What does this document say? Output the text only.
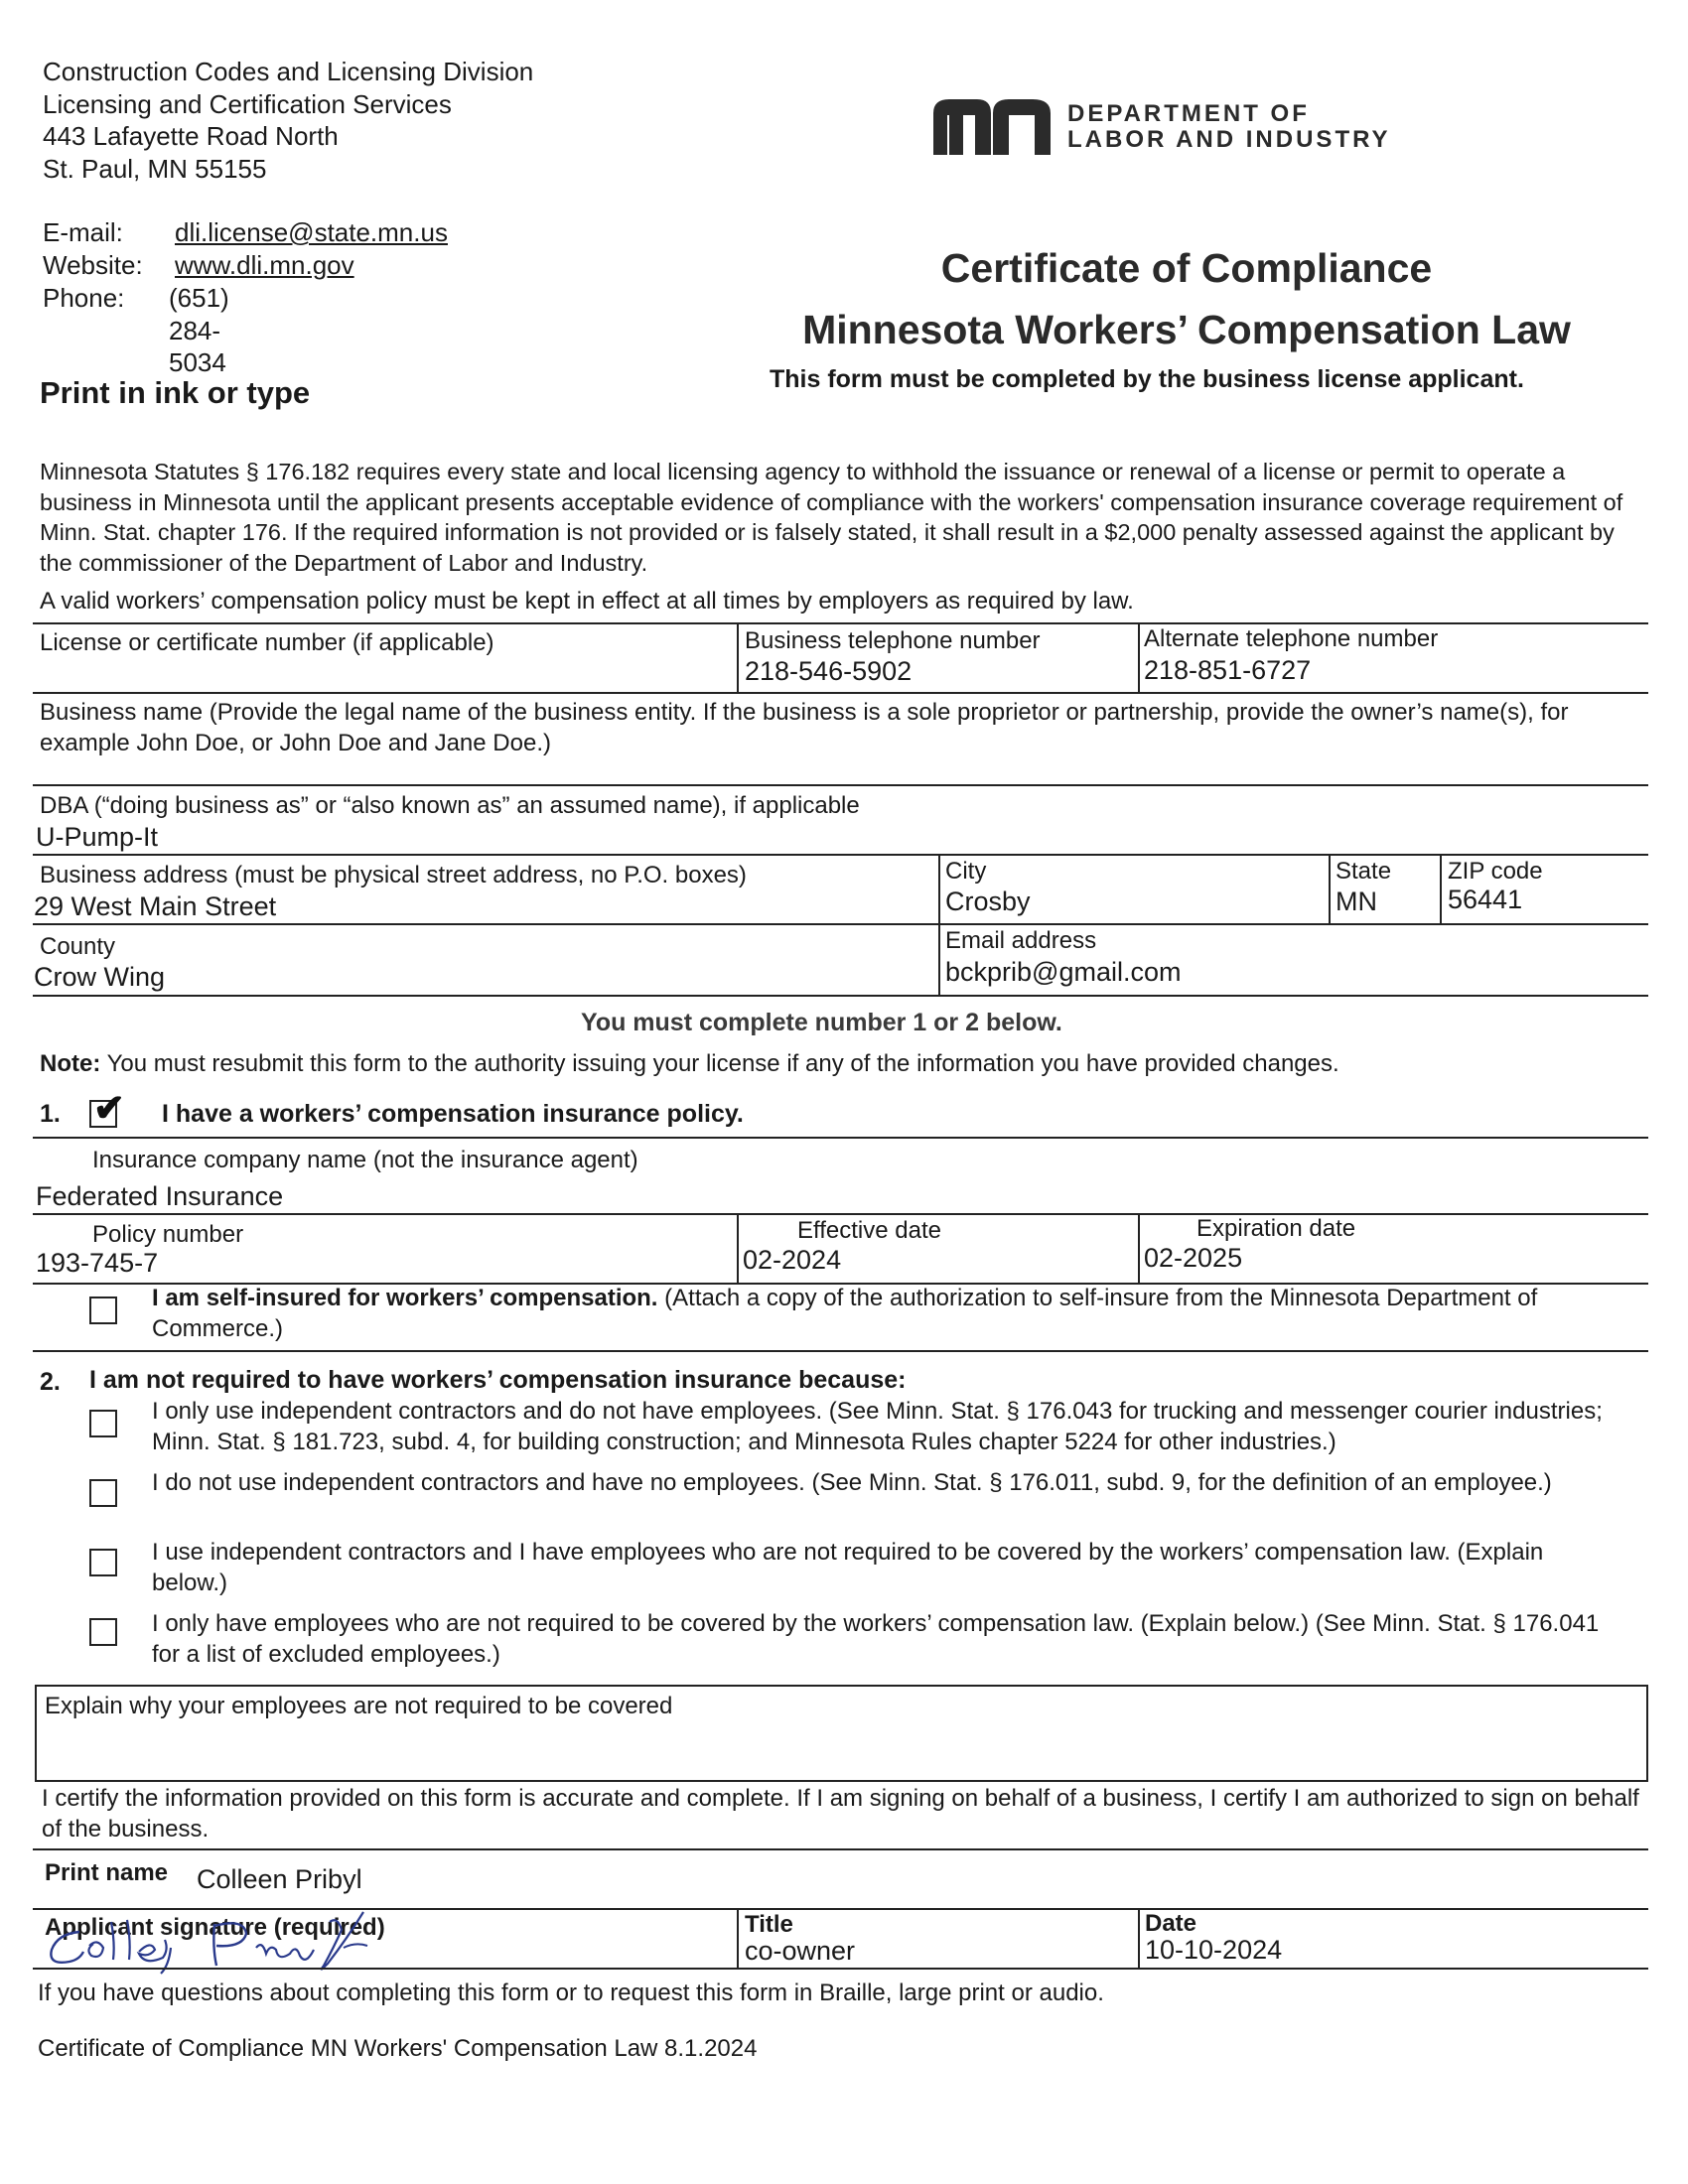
Construction Codes and Licensing Division
Licensing and Certification Services
443 Lafayette Road North
St. Paul, MN 55155
E-mail: dli.license@state.mn.us
Website: www.dli.mn.gov
Phone: (651) 284-5034
Print in ink or type
DEPARTMENT OF
LABOR AND INDUSTRY
Certificate of Compliance
Minnesota Workers’ Compensation Law
This form must be completed by the business license applicant.
Minnesota Statutes § 176.182 requires every state and local licensing agency to withhold the issuance or renewal of a license or permit to operate a business in Minnesota until the applicant presents acceptable evidence of compliance with the workers' compensation insurance coverage requirement of Minn. Stat. chapter 176. If the required information is not provided or is falsely stated, it shall result in a $2,000 penalty assessed against the applicant by the commissioner of the Department of Labor and Industry.
A valid workers’ compensation policy must be kept in effect at all times by employers as required by law.
License or certificate number (if applicable)	Business telephone number
218-546-5902
Alternate telephone number
218-851-6727
Business name (Provide the legal name of the business entity. If the business is a sole proprietor or partnership, provide the owner’s name(s), for example John Doe, or John Doe and Jane Doe.)
DBA (“doing business as” or “also known as” an assumed name), if applicable
U-Pump-It
Business address (must be physical street address, no P.O. boxes)
29 West Main Street
City
Crosby
State
MN
ZIP code
56441
County
Crow Wing
Email address
bckprib@gmail.com
You must complete number 1 or 2 below.
Note: You must resubmit this form to the authority issuing your license if any of the information you have provided changes.
1. ✔ I have a workers’ compensation insurance policy.
Insurance company name (not the insurance agent)
Federated Insurance
Policy number
193-745-7
Effective date
02-2024
Expiration date
02-2025
I am self-insured for workers’ compensation. (Attach a copy of the authorization to self-insure from the Minnesota Department of Commerce.)
2. I am not required to have workers’ compensation insurance because:
I only use independent contractors and do not have employees. (See Minn. Stat. § 176.043 for trucking and messenger courier industries; Minn. Stat. § 181.723, subd. 4, for building construction; and Minnesota Rules chapter 5224 for other industries.)
I do not use independent contractors and have no employees. (See Minn. Stat. § 176.011, subd. 9, for the definition of an employee.)
I use independent contractors and I have employees who are not required to be covered by the workers’ compensation law. (Explain below.)
I only have employees who are not required to be covered by the workers’ compensation law. (Explain below.) (See Minn. Stat. § 176.041 for a list of excluded employees.)
Explain why your employees are not required to be covered
I certify the information provided on this form is accurate and complete. If I am signing on behalf of a business, I certify I am authorized to sign on behalf of the business.
Print name Colleen Pribyl
Applicant signature (required)	Title
co-owner
Date
10-10-2024
If you have questions about completing this form or to request this form in Braille, large print or audio.
Certificate of Compliance MN Workers' Compensation Law 8.1.2024
